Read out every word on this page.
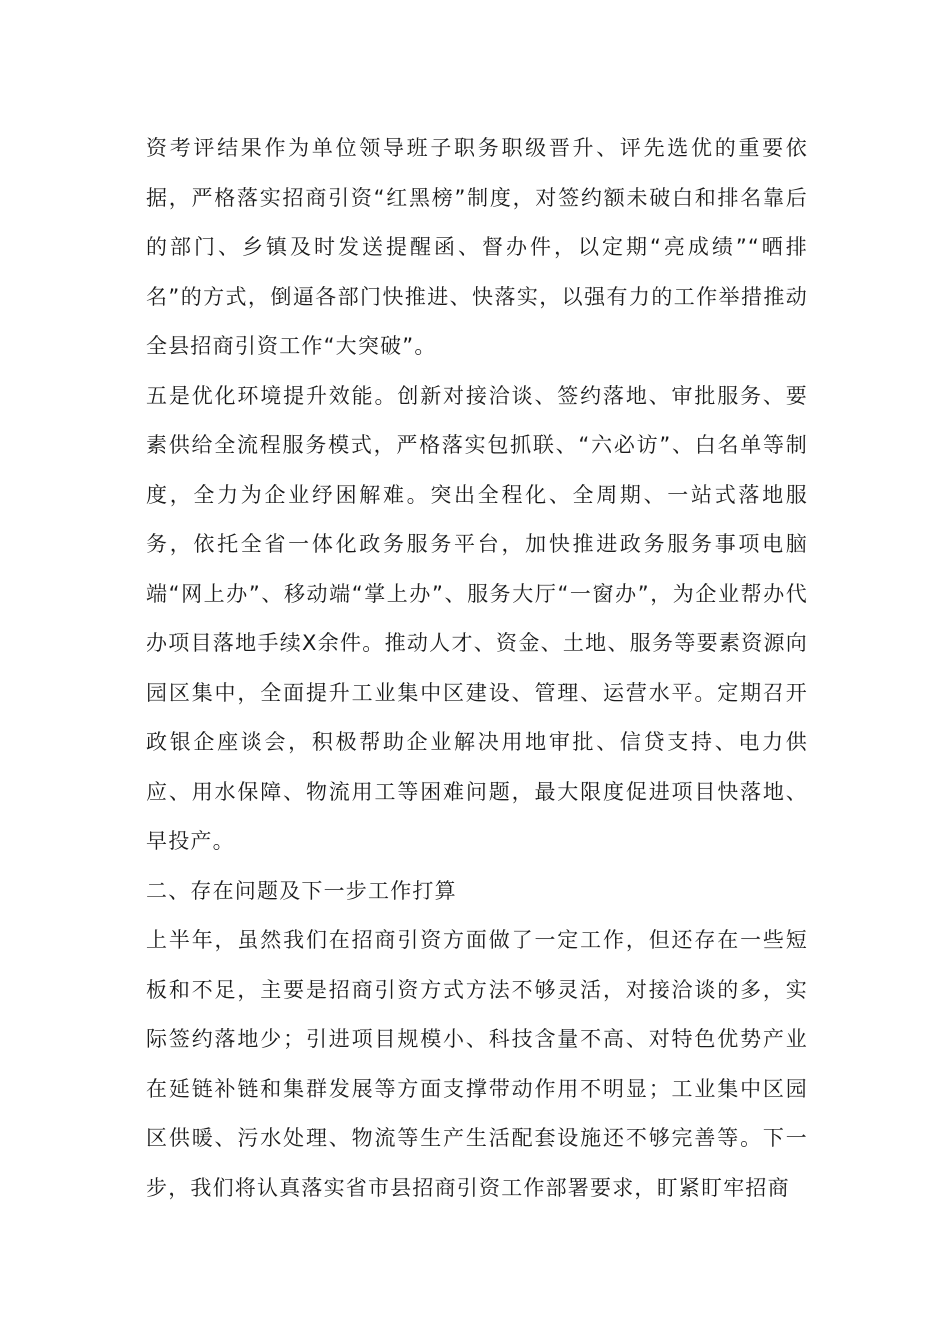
资考评结果作为单位领导班子职务职级晋升、评先选优的重要依据，严格落实招商引资“红黑榜”制度，对签约额未破白和排名靠后的部门、乡镇及时发送提醒函、督办件，以定期“亮成绩”“晒排名”的方式，倒逼各部门快推进、快落实，以强有力的工作举措推动全县招商引资工作“大突破”。

五是优化环境提升效能。创新对接洽谈、签约落地、审批服务、要素供给全流程服务模式，严格落实包抓联、“六必访”、白名单等制度，全力为企业纾困解难。突出全程化、全周期、一站式落地服务，依托全省一体化政务服务平台，加快推进政务服务事项电脑端“网上办”、移动端“掌上办”、服务大厅“一窗办”，为企业帮办代办项目落地手续X余件。推动人才、资金、土地、服务等要素资源向园区集中，全面提升工业集中区建设、管理、运营水平。定期召开政银企座谈会，积极帮助企业解决用地审批、信贷支持、电力供应、用水保障、物流用工等困难问题，最大限度促进项目快落地、早投产。

二、存在问题及下一步工作打算

上半年，虽然我们在招商引资方面做了一定工作，但还存在一些短板和不足，主要是招商引资方式方法不够灵活，对接洽谈的多，实际签约落地少；引进项目规模小、科技含量不高、对特色优势产业在延链补链和集群发展等方面支撑带动作用不明显；工业集中区园区供暖、污水处理、物流等生产生活配套设施还不够完善等。下一步，我们将认真落实省市县招商引资工作部署要求，盯紧盯牢招商
